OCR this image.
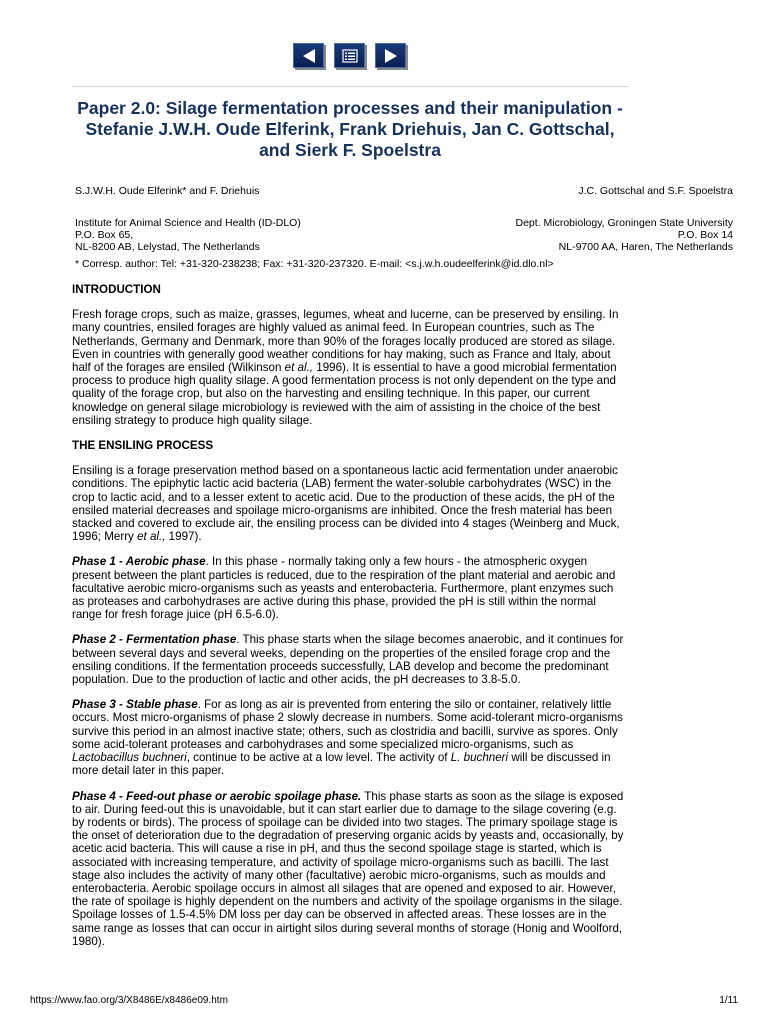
Paper 2.0: Silage fermentation processes and their manipulation - Stefanie J.W.H. Oude Elferink, Frank Driehuis, Jan C. Gottschal, and Sierk F. Spoelstra
S.J.W.H. Oude Elferink* and F. Driehuis	J.C. Gottschal and S.F. Spoelstra
Institute for Animal Science and Health (ID-DLO)
P.O. Box 65,
NL-8200 AB, Lelystad, The Netherlands
Dept. Microbiology, Groningen State University
P.O. Box 14
NL-9700 AA, Haren, The Netherlands
* Corresp. author: Tel: +31-320-238238; Fax: +31-320-237320. E-mail: <s.j.w.h.oudeelferink@id.dlo.nl>
INTRODUCTION

Fresh forage crops, such as maize, grasses, legumes, wheat and lucerne, can be preserved by ensiling. In many countries, ensiled forages are highly valued as animal feed. In European countries, such as The Netherlands, Germany and Denmark, more than 90% of the forages locally produced are stored as silage. Even in countries with generally good weather conditions for hay making, such as France and Italy, about half of the forages are ensiled (Wilkinson et al., 1996). It is essential to have a good microbial fermentation process to produce high quality silage. A good fermentation process is not only dependent on the type and quality of the forage crop, but also on the harvesting and ensiling technique. In this paper, our current knowledge on general silage microbiology is reviewed with the aim of assisting in the choice of the best ensiling strategy to produce high quality silage.

THE ENSILING PROCESS

Ensiling is a forage preservation method based on a spontaneous lactic acid fermentation under anaerobic conditions. The epiphytic lactic acid bacteria (LAB) ferment the water-soluble carbohydrates (WSC) in the crop to lactic acid, and to a lesser extent to acetic acid. Due to the production of these acids, the pH of the ensiled material decreases and spoilage micro-organisms are inhibited. Once the fresh material has been stacked and covered to exclude air, the ensiling process can be divided into 4 stages (Weinberg and Muck, 1996; Merry et al., 1997).

Phase 1 - Aerobic phase. In this phase - normally taking only a few hours - the atmospheric oxygen present between the plant particles is reduced, due to the respiration of the plant material and aerobic and facultative aerobic micro-organisms such as yeasts and enterobacteria. Furthermore, plant enzymes such as proteases and carbohydrases are active during this phase, provided the pH is still within the normal range for fresh forage juice (pH 6.5-6.0).

Phase 2 - Fermentation phase. This phase starts when the silage becomes anaerobic, and it continues for between several days and several weeks, depending on the properties of the ensiled forage crop and the ensiling conditions. If the fermentation proceeds successfully, LAB develop and become the predominant population. Due to the production of lactic and other acids, the pH decreases to 3.8-5.0.

Phase 3 - Stable phase. For as long as air is prevented from entering the silo or container, relatively little occurs. Most micro-organisms of phase 2 slowly decrease in numbers. Some acid-tolerant micro-organisms survive this period in an almost inactive state; others, such as clostridia and bacilli, survive as spores. Only some acid-tolerant proteases and carbohydrases and some specialized micro-organisms, such as Lactobacillus buchneri, continue to be active at a low level. The activity of L. buchneri will be discussed in more detail later in this paper.

Phase 4 - Feed-out phase or aerobic spoilage phase. This phase starts as soon as the silage is exposed to air. During feed-out this is unavoidable, but it can start earlier due to damage to the silage covering (e.g. by rodents or birds). The process of spoilage can be divided into two stages. The primary spoilage stage is the onset of deterioration due to the degradation of preserving organic acids by yeasts and, occasionally, by acetic acid bacteria. This will cause a rise in pH, and thus the second spoilage stage is started, which is associated with increasing temperature, and activity of spoilage micro-organisms such as bacilli. The last stage also includes the activity of many other (facultative) aerobic micro-organisms, such as moulds and enterobacteria. Aerobic spoilage occurs in almost all silages that are opened and exposed to air. However, the rate of spoilage is highly dependent on the numbers and activity of the spoilage organisms in the silage. Spoilage losses of 1.5-4.5% DM loss per day can be observed in affected areas. These losses are in the same range as losses that can occur in airtight silos during several months of storage (Honig and Woolford, 1980).

https://www.fao.org/3/X8486E/x8486e09.htm	1/11
